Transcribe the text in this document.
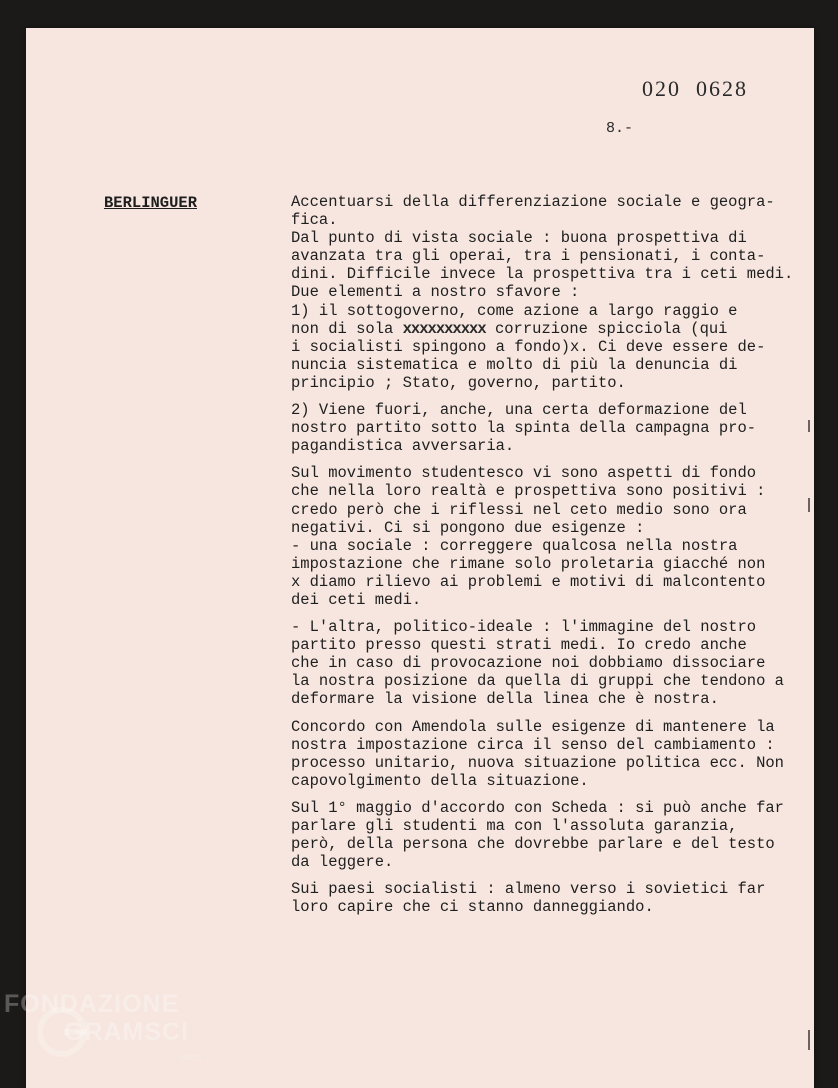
020  0628
8.-
BERLINGUER	Accentuarsi della differenziazione sociale e geogra-
fica.
Dal punto di vista sociale : buona prospettiva di
avanzata tra gli operai, tra i pensionati, i conta-
dini. Difficile invece la prospettiva tra i ceti medi.
Due elementi a nostro sfavore :
1) il sottogoverno, come azione a largo raggio e
non di sola xxxxxxxxxx corruzione spicciola (qui
i socialisti spingono a fondo)x. Ci deve essere de-
nuncia sistematica e molto di più la denuncia di
principio ; Stato, governo, partito.
2) Viene fuori, anche, una certa deformazione del
nostro partito sotto la spinta della campagna pro-
pagandistica avversaria.
Sul movimento studentesco vi sono aspetti di fondo
che nella loro realtà e prospettiva sono positivi :
credo però che i riflessi nel ceto medio sono ora
negativi. Ci si pongono due esigenze :
- una sociale : correggere qualcosa nella nostra
impostazione che rimane solo proletaria giacché non
x diamo rilievo ai problemi e motivi di malcontento
dei ceti medi.
- L'altra, politico-ideale : l'immagine del nostro
partito presso questi strati medi. Io credo anche
che in caso di provocazione noi dobbiamo dissociare
la nostra posizione da quella di gruppi che tendono a
deformare la visione della linea che è nostra.
Concordo con Amendola sulle esigenze di mantenere la
nostra impostazione circa il senso del cambiamento :
processo unitario, nuova situazione politica ecc. Non
capovolgimento della situazione.
Sul 1° maggio d'accordo con Scheda : si può anche far
parlare gli studenti ma con l'assoluta garanzia,
però, della persona che dovrebbe parlare e del testo
da leggere.
Sui paesi socialisti : almeno verso i sovietici far
loro capire che ci stanno danneggiando.
FONDAZIONE
GRAMSCI
onlus
